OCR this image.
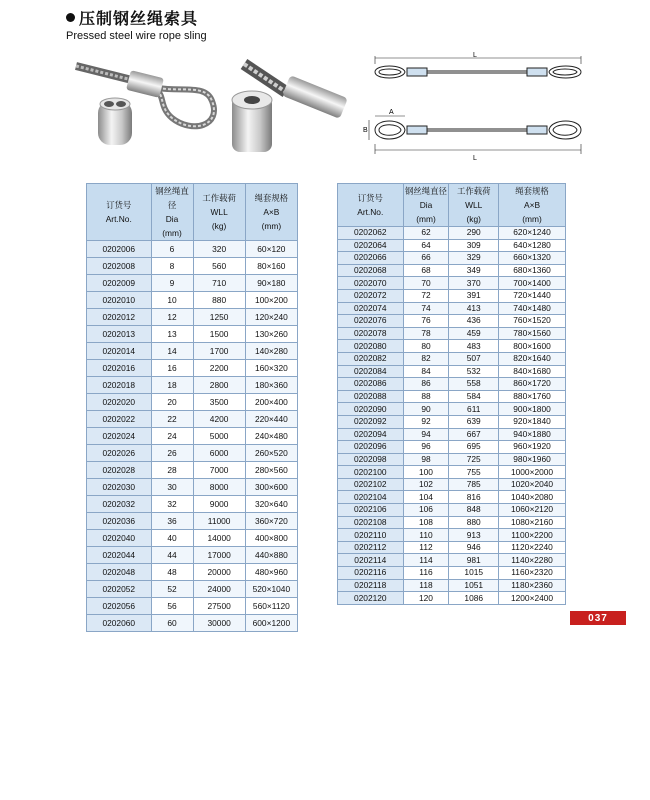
压制钢丝绳索具
Pressed steel wire rope sling
L
A
B
L
订货号
Art.No.	钢丝绳直径
Dia
(mm)	工作载荷
WLL
(kg)	绳套规格
A×B
(mm)
0202006	6	320	60×120
0202008	8	560	80×160
0202009	9	710	90×180
0202010	10	880	100×200
0202012	12	1250	120×240
0202013	13	1500	130×260
0202014	14	1700	140×280
0202016	16	2200	160×320
0202018	18	2800	180×360
0202020	20	3500	200×400
0202022	22	4200	220×440
0202024	24	5000	240×480
0202026	26	6000	260×520
0202028	28	7000	280×560
0202030	30	8000	300×600
0202032	32	9000	320×640
0202036	36	11000	360×720
0202040	40	14000	400×800
0202044	44	17000	440×880
0202048	48	20000	480×960
0202052	52	24000	520×1040
0202056	56	27500	560×1120
0202060	60	30000	600×1200
订货号
Art.No.	钢丝绳直径
Dia
(mm)	工作载荷
WLL
(kg)	绳套规格
A×B
(mm)
0202062	62	290	620×1240
0202064	64	309	640×1280
0202066	66	329	660×1320
0202068	68	349	680×1360
0202070	70	370	700×1400
0202072	72	391	720×1440
0202074	74	413	740×1480
0202076	76	436	760×1520
0202078	78	459	780×1560
0202080	80	483	800×1600
0202082	82	507	820×1640
0202084	84	532	840×1680
0202086	86	558	860×1720
0202088	88	584	880×1760
0202090	90	611	900×1800
0202092	92	639	920×1840
0202094	94	667	940×1880
0202096	96	695	960×1920
0202098	98	725	980×1960
0202100	100	755	1000×2000
0202102	102	785	1020×2040
0202104	104	816	1040×2080
0202106	106	848	1060×2120
0202108	108	880	1080×2160
0202110	110	913	1100×2200
0202112	112	946	1120×2240
0202114	114	981	1140×2280
0202116	116	1015	1160×2320
0202118	118	1051	1180×2360
0202120	120	1086	1200×2400
037
